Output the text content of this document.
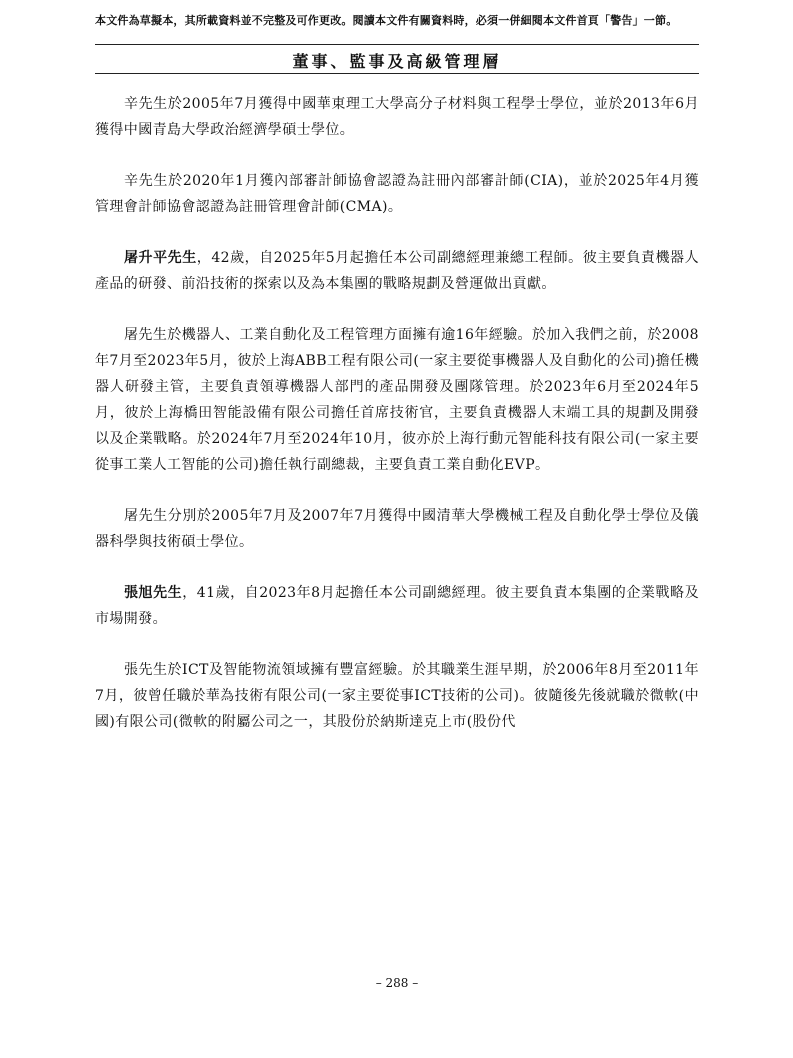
本文件為草擬本，其所載資料並不完整及可作更改。閱讀本文件有關資料時，必須一併細閱本文件首頁「警告」一節。
董事、監事及高級管理層

辛先生於2005年7月獲得中國華東理工大學高分子材料與工程學士學位，並於2013年6月獲得中國青島大學政治經濟學碩士學位。

辛先生於2020年1月獲內部審計師協會認證為註冊內部審計師(CIA)，並於2025年4月獲管理會計師協會認證為註冊管理會計師(CMA)。

屠升平先生，42歲，自2025年5月起擔任本公司副總經理兼總工程師。彼主要負責機器人產品的研發、前沿技術的探索以及為本集團的戰略規劃及營運做出貢獻。

屠先生於機器人、工業自動化及工程管理方面擁有逾16年經驗。於加入我們之前，於2008年7月至2023年5月，彼於上海ABB工程有限公司(一家主要從事機器人及自動化的公司)擔任機器人研發主管，主要負責領導機器人部門的產品開發及團隊管理。於2023年6月至2024年5月，彼於上海橋田智能設備有限公司擔任首席技術官，主要負責機器人末端工具的規劃及開發以及企業戰略。於2024年7月至2024年10月，彼亦於上海行動元智能科技有限公司(一家主要從事工業人工智能的公司)擔任執行副總裁，主要負責工業自動化EVP。

屠先生分別於2005年7月及2007年7月獲得中國清華大學機械工程及自動化學士學位及儀器科學與技術碩士學位。

張旭先生，41歲，自2023年8月起擔任本公司副總經理。彼主要負責本集團的企業戰略及市場開發。

張先生於ICT及智能物流領域擁有豐富經驗。於其職業生涯早期，於2006年8月至2011年7月，彼曾任職於華為技術有限公司(一家主要從事ICT技術的公司)。彼隨後先後就職於微軟(中國)有限公司(微軟的附屬公司之一，其股份於納斯達克上市(股份代

– 288 –
